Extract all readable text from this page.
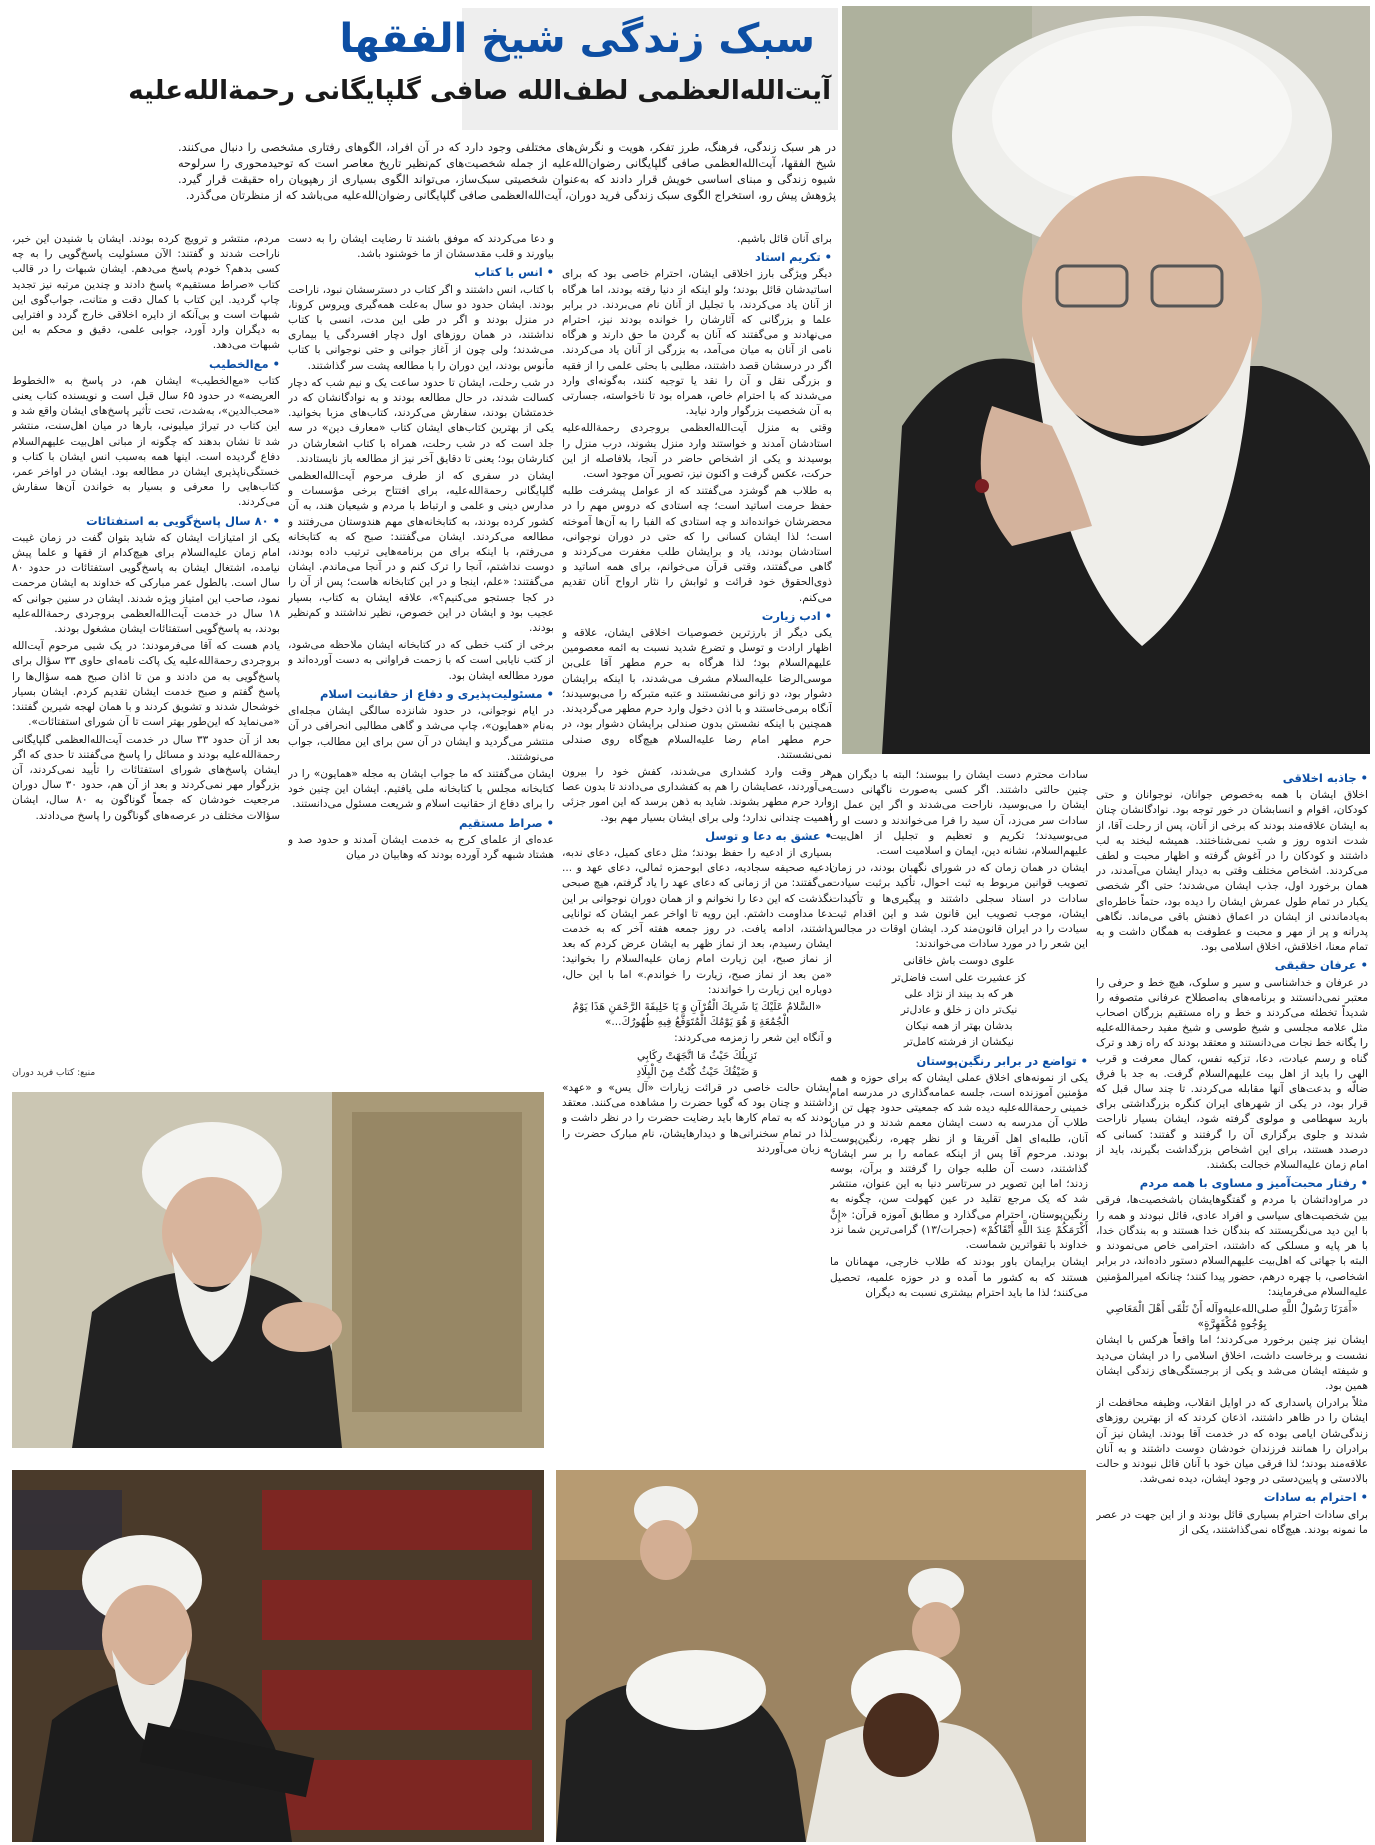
سبک زندگی شیخ الفقها
آیت‌الله‌العظمی لطف‌الله صافی گلپایگانی رحمة‌الله‌علیه

در هر سبک زندگی، فرهنگ، طرز تفکر، هویت و نگرش‌های مختلفی وجود دارد که در آن افراد، الگوهای رفتاری مشخصی را دنبال می‌کنند. شیخ الفقها، آیت‌الله‌العظمی صافی گلپایگانی رضوان‌الله‌علیه از جمله شخصیت‌های کم‌نظیر تاریخ معاصر است که توحیدمحوری را سرلوحه شیوه زندگی و مبنای اساسی خویش قرار دادند که به‌عنوان شخصیتی سبک‌ساز، می‌تواند الگوی بسیاری از رهپویان راه حقیقت قرار گیرد. پژوهش پیش رو، استخراج الگوی سبک زندگی فرید دوران، آیت‌الله‌العظمی صافی گلپایگانی رضوان‌الله‌علیه می‌باشد که از منظرتان می‌گذرد.

برای آنان قائل باشیم.

• تکریم استاد

دیگر ویژگی بارز اخلاقی ایشان، احترام خاصی بود که برای اساتیدشان قائل بودند؛ ولو اینکه از دنیا رفته بودند، اما هرگاه از آنان یاد می‌کردند، با تجلیل از آنان نام می‌بردند. در برابر علما و بزرگانی که آثارشان را خوانده بودند نیز، احترام می‌نهادند و می‌گفتند که آنان به گردن ما حق دارند و هرگاه نامی از آنان به میان می‌آمد، به بزرگی از آنان یاد می‌کردند. اگر در درسشان قصد داشتند، مطلبی با بحثی علمی را از فقیه و بزرگی نقل و آن را نقد یا توجیه کنند، به‌گونه‌ای وارد می‌شدند که با احترام خاص، همراه بود تا ناخواسته، جسارتی به آن شخصیت بزرگوار وارد نیاید.

وقتی به منزل آیت‌الله‌العظمی بروجردی رحمة‌الله‌علیه استادشان آمدند و خواستند وارد منزل بشوند، درب منزل را بوسیدند و یکی از اشخاص حاضر در آنجا، بلافاصله از این حرکت، عکس گرفت و اکنون نیز، تصویر آن موجود است.

به طلاب هم گوشزد می‌گفتند که از عوامل پیشرفت طلبه حفظ حرمت اساتید است؛ چه استادی که دروس مهم را در محضرشان خوانده‌اند و چه استادی که الفبا را به آن‌ها آموخته است؛ لذا ایشان کسانی را که حتی در دوران نوجوانی، استادشان بودند، یاد و برایشان طلب مغفرت می‌کردند و گاهی می‌گفتند، وقتی قرآن می‌خوانم، برای همه اساتید و ذوی‌الحقوق خود قرائت و ثوابش را نثار ارواح آنان تقدیم می‌کنم.

• ادب زیارت

یکی دیگر از بارزترین خصوصیات اخلاقی ایشان، علاقه و اظهار ارادت و توسل و تضرع شدید نسبت به ائمه معصومین علیهم‌السلام بود؛ لذا هرگاه به حرم مطهر آقا علی‌بن موسی‌الرضا علیه‌السلام مشرف می‌شدند، با اینکه برایشان دشوار بود، دو زانو می‌نشستند و عتبه متبرکه را می‌بوسیدند؛ آنگاه برمی‌خاستند و با اذن دخول وارد حرم مطهر می‌گردیدند. همچنین با اینکه نشستن بدون صندلی برایشان دشوار بود، در حرم مطهر امام رضا علیه‌السلام هیچ‌گاه روی صندلی نمی‌نشستند.

هر وقت وارد کشداری می‌شدند، کفش خود را بیرون می‌آوردند، عصایشان را هم به کفشداری می‌دادند تا بدون عصا وارد حرم مطهر بشوند. شاید به ذهن برسد که این امور جزئی اهمیت چندانی ندارد؛ ولی برای ایشان بسیار مهم بود.

• عشق به دعا و توسل

بسیاری از ادعیه را حفظ بودند؛ مثل دعای کمیل، دعای ندبه، ادعیه صحیفه سجادیه، دعای ابوحمزه ثمالی، دعای عهد و ... می‌گفتند: من از زمانی که دعای عهد را یاد گرفتم، هیچ صبحی نگذشت که این دعا را نخوانم و از همان دوران نوجوانی بر این دعا مداومت داشتم. این رویه تا اواخر عمر ایشان که توانایی داشتند، ادامه یافت. در روز جمعه هفته آخر که به خدمت ایشان رسیدم، بعد از نماز ظهر به ایشان عرض کردم که بعد از نماز صبح، این زیارت امام زمان علیه‌السلام را بخوانید: «من بعد از نماز صبح، زیارت را خواندم.» اما با این حال، دوباره این زیارت را خواندند:

«السَّلامُ عَلَيْكَ يَا شَرِيكَ الْقُرْآنِ وَ يَا خَلِيفَةَ الرَّحْمَنِ هَذَا يَوْمُ الْجُمُعَةِ وَ هُوَ يَوْمُكَ الْمُتَوَقَّعُ فِيهِ ظُهُورُكَ...»

و آنگاه این شعر را زمزمه می‌کردند:

نَزِيلُكَ حَيْثُ مَا اتَّجَهَتْ رِكَابِي

وَ ضَيْفُكَ حَيْثُ كُنْتُ مِنَ الْبِلَادِ

ایشان حالت خاصی در قرائت زیارات «آل یس» و «عهد» داشتند و چنان بود که گویا حضرت را مشاهده می‌کنند. معتقد بودند که به تمام کارها باید رضایت حضرت را در نظر داشت و لذا در تمام سخنرانی‌ها و دیدارهایشان، نام مبارک حضرت را به زبان می‌آوردند

و دعا می‌کردند که موفق باشند تا رضایت ایشان را به دست بیاورند و قلب مقدسشان از ما خوشنود باشد.

• انس با کتاب

با کتاب، انس داشتند و اگر کتاب در دسترسشان نبود، ناراحت بودند. ایشان حدود دو سال به‌علت همه‌گیری ویروس کرونا، در منزل بودند و اگر در طی این مدت، انسی با کتاب نداشتند، در همان روزهای اول دچار افسردگی یا بیماری می‌شدند؛ ولی چون از آغاز جوانی و حتی نوجوانی با کتاب مأنوس بودند، این دوران را با مطالعه پشت سر گذاشتند.

در شب رحلت، ایشان تا حدود ساعت یک و نیم شب که دچار کسالت شدند، در حال مطالعه بودند و به نوادگانشان که در خدمتشان بودند، سفارش می‌کردند، کتاب‌های مزبا بخوانید. یکی از بهترین کتاب‌های ایشان کتاب «معارف دین» در سه جلد است که در شب رحلت، همراه با کتاب اشعارشان در کنارشان بود؛ یعنی تا دقایق آخر نیز از مطالعه باز نایستادند.

ایشان در سفری که از طرف مرحوم آیت‌الله‌العظمی گلپایگانی رحمة‌الله‌علیه، برای افتتاح برخی مؤسسات و مدارس دینی و علمی و ارتباط با مردم و شیعیان هند، به آن کشور کرده بودند، به کتابخانه‌های مهم هندوستان می‌رفتند و مطالعه می‌کردند. ایشان می‌گفتند: صبح که به کتابخانه می‌رفتم، با اینکه برای من برنامه‌هایی ترتیب داده بودند، دوست نداشتم، آنجا را ترک کنم و در آنجا می‌ماندم. ایشان می‌گفتند: «علم، اینجا و در این کتابخانه هاست؛ پس از آن را در کجا جستجو می‌کنیم؟»، علاقه ایشان به کتاب، بسیار عجیب بود و ایشان در این خصوص، نظیر نداشتند و کم‌نظیر بودند.

برخی از کتب خطی که در کتابخانه ایشان ملاحظه می‌شود، از کتب نایابی است که با زحمت فراوانی به دست آورده‌اند و مورد مطالعه ایشان بود.

• مسئولیت‌پذیری و دفاع از حقانیت اسلام

در ایام نوجوانی، در حدود شانزده سالگی ایشان مجله‌ای به‌نام «همایون»، چاپ می‌شد و گاهی مطالبی انحرافی در آن منتشر می‌گردید و ایشان در آن سن برای این مطالب، جواب می‌نوشتند.

ایشان می‌گفتند که ما جواب ایشان به مجله «همایون» را در کتابخانه مجلس با کتابخانه ملی یافتیم. ایشان این چنین خود را برای دفاع از حقانیت اسلام و شریعت مسئول می‌دانستند.

• صراط مستقیم

عده‌ای از علمای کرج به خدمت ایشان آمدند و حدود صد و هشتاد شبهه گرد آورده بودند که وهابیان در میان

مردم، منتشر و ترویج کرده بودند. ایشان با شنیدن این خبر، ناراحت شدند و گفتند: الآن مسئولیت پاسخ‌گویی را به چه کسی بدهم؟ خودم پاسخ می‌دهم. ایشان شبهات را در قالب کتاب «صراط مستقیم» پاسخ دادند و چندین مرتبه نیز تجدید چاپ گردید. این کتاب با کمال دقت و متانت، جواب‌گوی این شبهات است و بی‌آنکه از دایره اخلاقی خارج گردد و افترایی به دیگران وارد آورد، جوابی علمی، دقیق و محکم به این شبهات می‌دهد.

• مع‌الخطیب

کتاب «مع‌الخطیب» ایشان هم، در پاسخ به «الخطوط العریضه» در حدود ۶۵ سال قبل است و نویسنده کتاب یعنی «محب‌الدین»، به‌شدت، تحت تأثیر پاسخ‌های ایشان واقع شد و این کتاب در تیراژ میلیونی، بارها در میان اهل‌سنت، منتشر شد تا نشان بدهند که چگونه از مبانی اهل‌بیت علیهم‌السلام دفاع گردیده است. اینها همه به‌سبب انس ایشان با کتاب و خستگی‌ناپذیری ایشان در مطالعه بود. ایشان در اواخر عمر، کتاب‌هایی را معرفی و بسیار به خواندن آن‌ها سفارش می‌کردند.

• ۸۰ سال پاسخ‌گویی به استفتائات

یکی از امتیازات ایشان که شاید بتوان گفت در زمان غیبت امام زمان علیه‌السلام برای هیچ‌کدام از فقها و علما پیش نیامده، اشتغال ایشان به پاسخ‌گویی استفتائات در حدود ۸۰ سال است. بالطول عمر مبارکی که خداوند به ایشان مرحمت نمود، صاحب این امتیاز ویژه شدند. ایشان در سنین جوانی که ۱۸ سال در خدمت آیت‌الله‌العظمی بروجردی رحمة‌الله‌علیه بودند، به پاسخ‌گویی استفتائات ایشان مشغول بودند.

یادم هست که آقا می‌فرمودند: در یک شبی مرحوم آیت‌الله بروجردی رحمة‌الله‌علیه یک پاکت نامه‌ای حاوی ۳۳ سؤال برای پاسخ‌گویی به من دادند و من تا اذان صبح همه سؤال‌ها را پاسخ گفتم و صبح خدمت ایشان تقدیم کردم. ایشان بسیار خوشحال شدند و تشویق کردند و با همان لهجه شیرین گفتند: «می‌نماید که این‌طور بهتر است تا آن شورای استفتائات».

بعد از آن حدود ۳۳ سال در خدمت آیت‌الله‌العظمی گلپایگانی رحمة‌الله‌علیه بودند و مسائل را پاسخ می‌گفتند تا حدی که اگر ایشان پاسخ‌های شورای استفتائات را تأیید نمی‌کردند، آن بزرگوار مهر نمی‌کردند و بعد از آن هم، حدود ۳۰ سال دوران مرجعیت خودشان که جمعاً گوناگون به ۸۰ سال، ایشان سؤالات مختلف در عرصه‌های گوناگون را پاسخ می‌دادند.

منبع: کتاب فرید دوران

سادات محترم دست ایشان را ببوسند؛ البته با دیگران هم چنین حالتی داشتند. اگر کسی به‌صورت ناگهانی دست ایشان را می‌بوسید، ناراحت می‌شدند و اگر این عمل از سادات سر می‌زد، آن سید را فرا می‌خواندند و دست او را می‌بوسیدند؛ تکریم و تعظیم و تجلیل از اهل‌بیت علیهم‌السلام، نشانه دین، ایمان و اسلامیت است.

ایشان در همان زمان که در شورای نگهبان بودند، در زمان تصویب قوانین مربوط به ثبت احوال، تأکید برثبت سیادت سادات در اسناد سجلی داشتند و پیگیری‌ها و تأکیدات ایشان، موجب تصویب این قانون شد و این اقدام ثبت سیادت را در ایران قانون‌مند کرد. ایشان اوقات در مجالس این شعر را در مورد سادات می‌خواندند:

علوی دوست باش خاقانی

کز عشیرت علی است فاضل‌تر

هر که بد بیند از نژاد علی

نیک‌تر دان ز خلق و عادل‌تر

بدشان بهتر از همه نیکان

نیکشان از فرشته کامل‌تر

• تواضع در برابر رنگین‌پوستان

یکی از نمونه‌های اخلاق عملی ایشان که برای حوزه و همه مؤمنین آموزنده است، جلسه عمامه‌گذاری در مدرسه امام خمینی رحمة‌الله‌علیه دیده شد که جمعیتی حدود چهل تن از طلاب آن مدرسه به دست ایشان معمم شدند و در میان آنان، طلبه‌ای اهل آفریقا و از نظر چهره، رنگین‌پوست بودند. مرحوم آقا پس از اینکه عمامه را بر سر ایشان گذاشتند، دست آن طلبه جوان را گرفتند و برآن، بوسه زدند؛ اما این تصویر در سرتاسر دنیا به این عنوان، منتشر شد که یک مرجع تقلید در عین کهولت سن، چگونه به رنگین‌پوستان، احترام می‌گذارد و مطابق آموزه قرآن: «إِنَّ أَكْرَمَكُمْ عِندَ اللَّهِ أَتْقَاكُمْ» (حجرات/۱۳) گرامی‌ترین شما نزد خداوند با تقواترین شماست.

ایشان برایمان باور بودند که طلاب خارجی، مهمانان ما هستند که به کشور ما آمده و در حوزه علمیه، تحصیل می‌کنند؛ لذا ما باید احترام بیشتری نسبت به دیگران

• جاذبه اخلاقی

اخلاق ایشان با همه به‌خصوص جوانان، نوجوانان و حتی کودکان، اقوام و انسابشان در خور توجه بود. نوادگانشان چنان به ایشان علاقه‌مند بودند که برخی از آنان، پس از رحلت آقا، از شدت اندوه روز و شب نمی‌شناختند. همیشه لبخند به لب داشتند و کودکان را در آغوش گرفته و اظهار محبت و لطف می‌کردند. اشخاص مختلف وقتی به دیدار ایشان می‌آمدند، در همان برخورد اول، جذب ایشان می‌شدند؛ حتی اگر شخصی یکبار در تمام طول عمرش ایشان را دیده بود، حتماً خاطره‌ای به‌یادماندنی از ایشان در اعماق ذهنش باقی می‌ماند. نگاهی پدرانه و پر از مهر و محبت و عطوفت به همگان داشت و به تمام معنا، اخلاقش، اخلاق اسلامی بود.

• عرفان حقیقی

در عرفان و خداشناسی و سیر و سلوک، هیچ خط و حرفی را معتبر نمی‌دانستند و برنامه‌های به‌اصطلاح عرفانی متصوفه را شدیداً تخطئه می‌کردند و خط و راه مستقیم بزرگان اصحاب مثل علامه مجلسی و شیخ طوسی و شیخ مفید رحمة‌الله‌علیه را یگانه خط نجات می‌دانستند و معتقد بودند که راه زهد و ترک گناه و رسم عبادت، دعا، تزکیه نفس، کمال معرفت و قرب الهی را باید از اهل بیت علیهم‌السلام گرفت. به جد با فرق ضالّه و بدعت‌های آنها مقابله می‌کردند. تا چند سال قبل که قرار بود، در یکی از شهرهای ایران کنگره بزرگداشتی برای باربد سهطامی و مولوی گرفته شود، ایشان بسیار ناراحت شدند و جلوی برگزاری آن را گرفتند و گفتند: کسانی که درصدد هستند، برای این اشخاص بزرگداشت بگیرند، باید از امام زمان علیه‌السلام خجالت بکشند.

• رفتار محبت‌آمیز و مساوی با همه مردم

در مراوداتشان با مردم و گفتگوهایشان باشخصیت‌ها، فرقی بین شخصیت‌های سیاسی و افراد عادی، قائل نبودند و همه را با این دید می‌نگریستند که بندگان خدا هستند و به بندگان خدا، با هر پایه و مسلکی که داشتند، احترامی خاص می‌نمودند و البته با جهاتی که اهل‌بیت علیهم‌السلام دستور داده‌اند، در برابر اشخاصی، با چهره درهم، حضور پیدا کنند؛ چنانکه امیرالمؤمنین علیه‌السلام می‌فرمایند:

«أَمَرَنَا رَسُولُ اللَّهِ صلی‌الله‌علیه‌وآله أَنْ نَلْقَى أَهْلَ الْمَعَاصِي بِوُجُوهٍ مُكْفَهِرَّةٍ»

ایشان نیز چنین برخورد می‌کردند؛ اما واقعاً هرکس با ایشان نشست و برخاست داشت، اخلاق اسلامی را در ایشان می‌دید و شیفته ایشان می‌شد و یکی از برجستگی‌های زندگی ایشان همین بود.

مثلاً برادران پاسداری که در اوایل انقلاب، وظیفه محافظت از ایشان را در ظاهر داشتند، اذعان کردند که از بهترین روزهای زندگی‌شان ایامی بوده که در خدمت آقا بودند. ایشان نیز آن برادران را همانند فرزندان خودشان دوست داشتند و به آنان علاقه‌مند بودند؛ لذا فرقی میان خود با آنان قائل نبودند و حالت بالادستی و پایین‌دستی در وجود ایشان، دیده نمی‌شد.

• احترام به سادات

برای سادات احترام بسیاری قائل بودند و از این جهت در عصر ما نمونه بودند. هیچ‌گاه نمی‌گذاشتند، یکی از
